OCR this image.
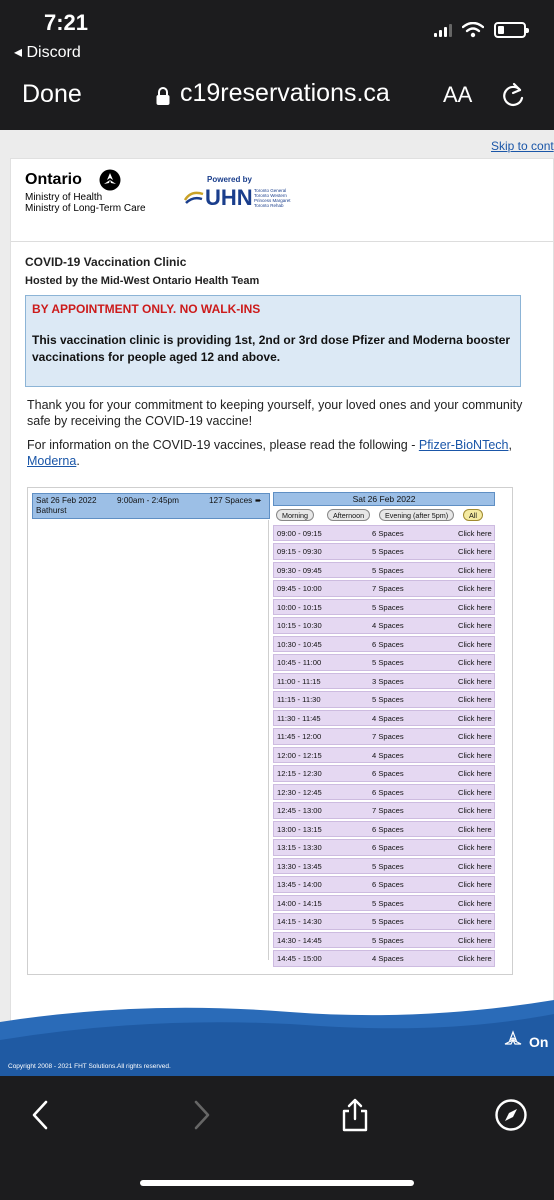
7:21
◂ Discord
Done	c19reservations.ca AA
Skip to cont
Ontario
Ministry of Health
Ministry of Long-Term Care
Powered by
UHN Toronto General
Toronto Western
Princess Margaret
Toronto Rehab
COVID-19 Vaccination Clinic
Hosted by the Mid-West Ontario Health Team
BY APPOINTMENT ONLY. NO WALK-INS
This vaccination clinic is providing 1st, 2nd or 3rd dose Pfizer and Moderna booster vaccinations for people aged 12 and above.
Thank you for your commitment to keeping yourself, your loved ones and your community safe by receiving the COVID-19 vaccine!
For information on the COVID-19 vaccines, please read the following - Pfizer-BioNTech, Moderna.
Sat 26 Feb 2022 9:00am - 2:45pm	127 Spaces ➨
Bathurst
Sat 26 Feb 2022
Morning	Afternoon	Evening (after 5pm)	All
09:00 - 09:15	6 Spaces	Click here
09:15 - 09:30	5 Spaces	Click here
09:30 - 09:45	5 Spaces	Click here
09:45 - 10:00	7 Spaces	Click here
10:00 - 10:15	5 Spaces	Click here
10:15 - 10:30	4 Spaces	Click here
10:30 - 10:45	6 Spaces	Click here
10:45 - 11:00	5 Spaces	Click here
11:00 - 11:15	3 Spaces	Click here
11:15 - 11:30	5 Spaces	Click here
11:30 - 11:45	4 Spaces	Click here
11:45 - 12:00	7 Spaces	Click here
12:00 - 12:15	4 Spaces	Click here
12:15 - 12:30	6 Spaces	Click here
12:30 - 12:45	6 Spaces	Click here
12:45 - 13:00	7 Spaces	Click here
13:00 - 13:15	6 Spaces	Click here
13:15 - 13:30	6 Spaces	Click here
13:30 - 13:45	5 Spaces	Click here
13:45 - 14:00	6 Spaces	Click here
14:00 - 14:15	5 Spaces	Click here
14:15 - 14:30	5 Spaces	Click here
14:30 - 14:45	5 Spaces	Click here
14:45 - 15:00	4 Spaces	Click here
Copyright 2008 - 2021 FHT Solutions.All rights reserved.
On
